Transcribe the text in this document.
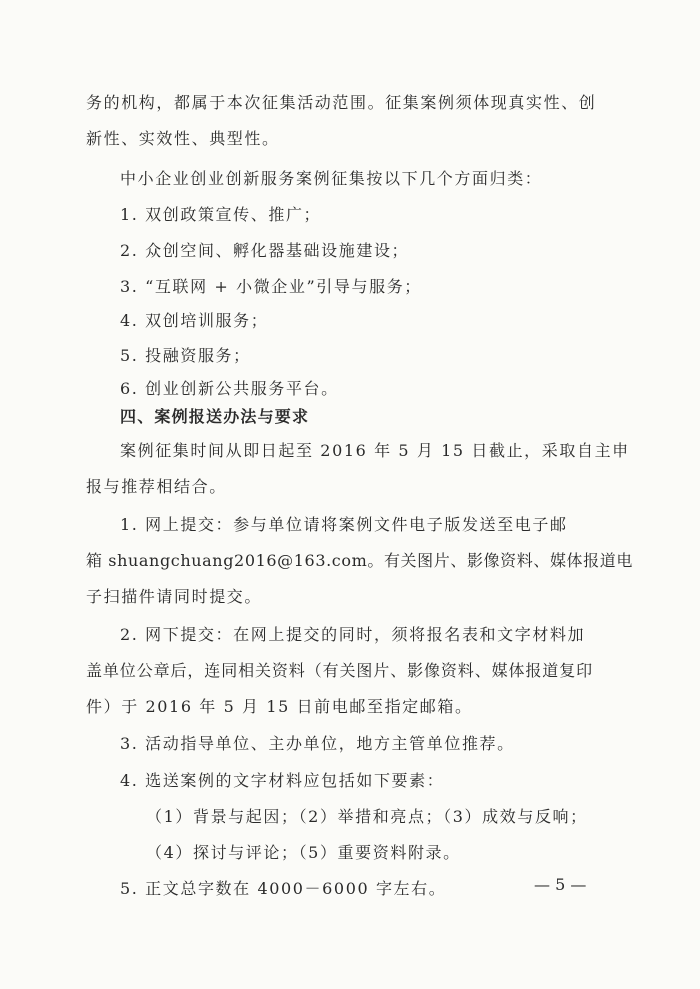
务的机构，都属于本次征集活动范围。征集案例须体现真实性、创
新性、实效性、典型性。
中小企业创业创新服务案例征集按以下几个方面归类：
1. 双创政策宣传、推广；
2. 众创空间、孵化器基础设施建设；
3. “互联网 + 小微企业”引导与服务；
4. 双创培训服务；
5. 投融资服务；
6. 创业创新公共服务平台。
四、案例报送办法与要求
案例征集时间从即日起至 2016 年 5 月 15 日截止，采取自主申
报与推荐相结合。
1. 网上提交：参与单位请将案例文件电子版发送至电子邮
箱 shuangchuang2016@163.com。有关图片、影像资料、媒体报道电
子扫描件请同时提交。
2. 网下提交：在网上提交的同时，须将报名表和文字材料加
盖单位公章后，连同相关资料（有关图片、影像资料、媒体报道复印
件）于 2016 年 5 月 15 日前电邮至指定邮箱。
3. 活动指导单位、主办单位，地方主管单位推荐。
4. 选送案例的文字材料应包括如下要素：
（1）背景与起因；（2）举措和亮点；（3）成效与反响；
（4）探讨与评论；（5）重要资料附录。
5. 正文总字数在 4000－6000 字左右。	— 5 —
